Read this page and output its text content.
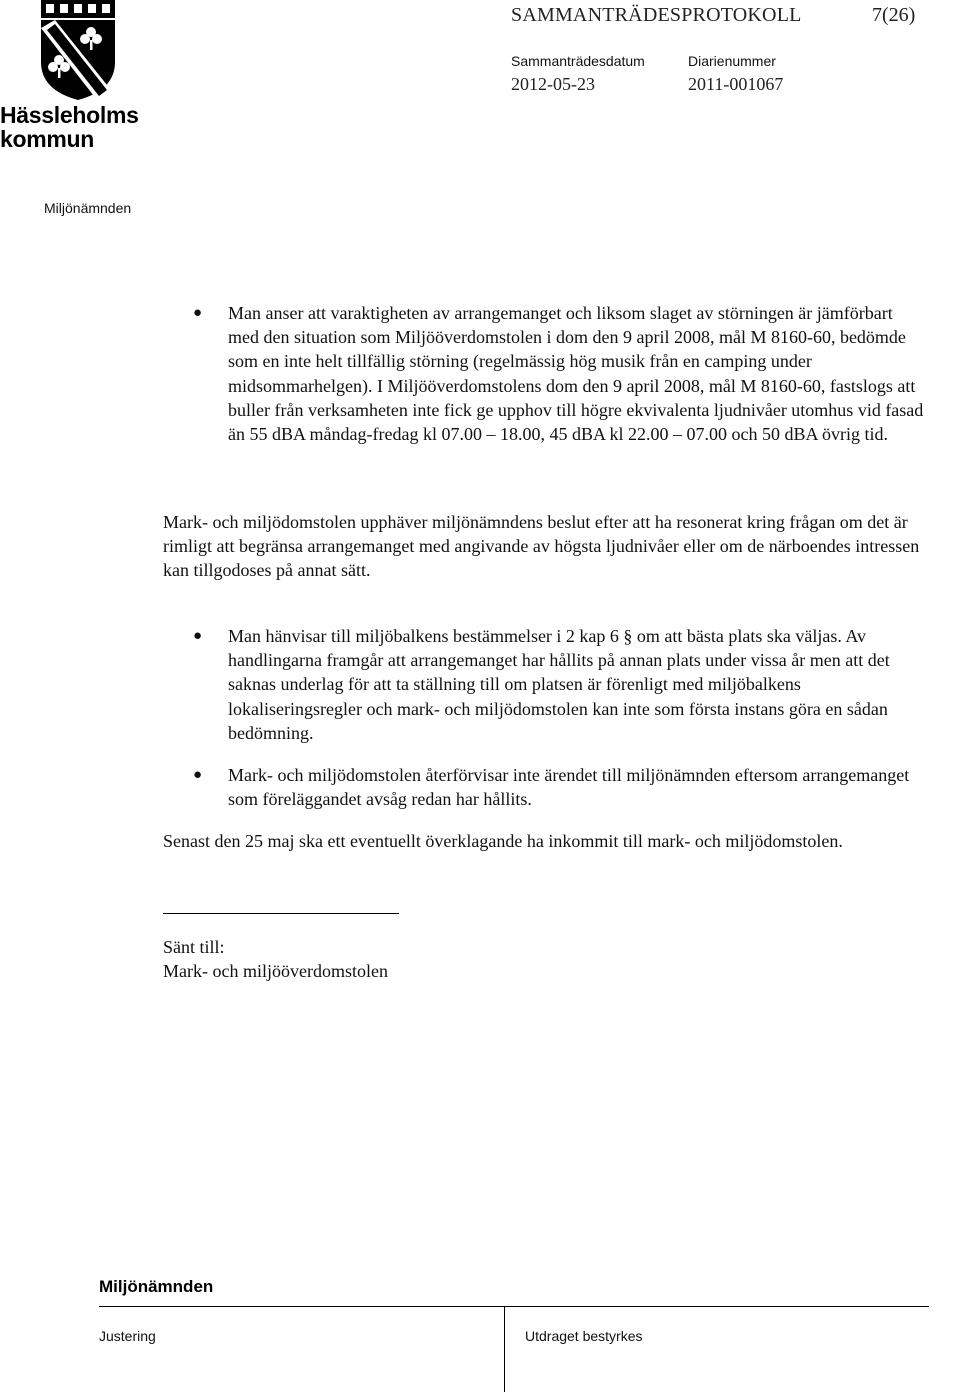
Hässleholms
kommun
SAMMANTRÄDESPROTOKOLL	7(26)
Sammanträdesdatum
2012-05-23
Diarienummer
2011-001067
Miljönämnden
● Man anser att varaktigheten av arrangemanget och liksom slaget av störningen är jämförbart med den situation som Miljööverdomstolen i dom den 9 april 2008, mål M 8160-60, bedömde som en inte helt tillfällig störning (regelmässig hög musik från en camping under midsommarhelgen). I Miljööverdomstolens dom den 9 april 2008, mål M 8160-60, fastslogs att buller från verksamheten inte fick ge upphov till högre ekvivalenta ljudnivåer utomhus vid fasad än 55 dBA måndag-fredag kl 07.00 – 18.00, 45 dBA kl 22.00 – 07.00 och 50 dBA övrig tid.
Mark- och miljödomstolen upphäver miljönämndens beslut efter att ha resonerat kring frågan om det är rimligt att begränsa arrangemanget med angivande av högsta ljudnivåer eller om de närboendes intressen kan tillgodoses på annat sätt.
● Man hänvisar till miljöbalkens bestämmelser i 2 kap 6 § om att bästa plats ska väljas. Av handlingarna framgår att arrangemanget har hållits på annan plats under vissa år men att det saknas underlag för att ta ställning till om platsen är förenligt med miljöbalkens lokaliseringsregler och mark- och miljödomstolen kan inte som första instans göra en sådan bedömning.
● Mark- och miljödomstolen återförvisar inte ärendet till miljönämnden eftersom arrangemanget som föreläggandet avsåg redan har hållits.
Senast den 25 maj ska ett eventuellt överklagande ha inkommit till mark- och miljödomstolen.
Sänt till:
Mark- och miljööverdomstolen
Miljönämnden
Justering	Utdraget bestyrkes
